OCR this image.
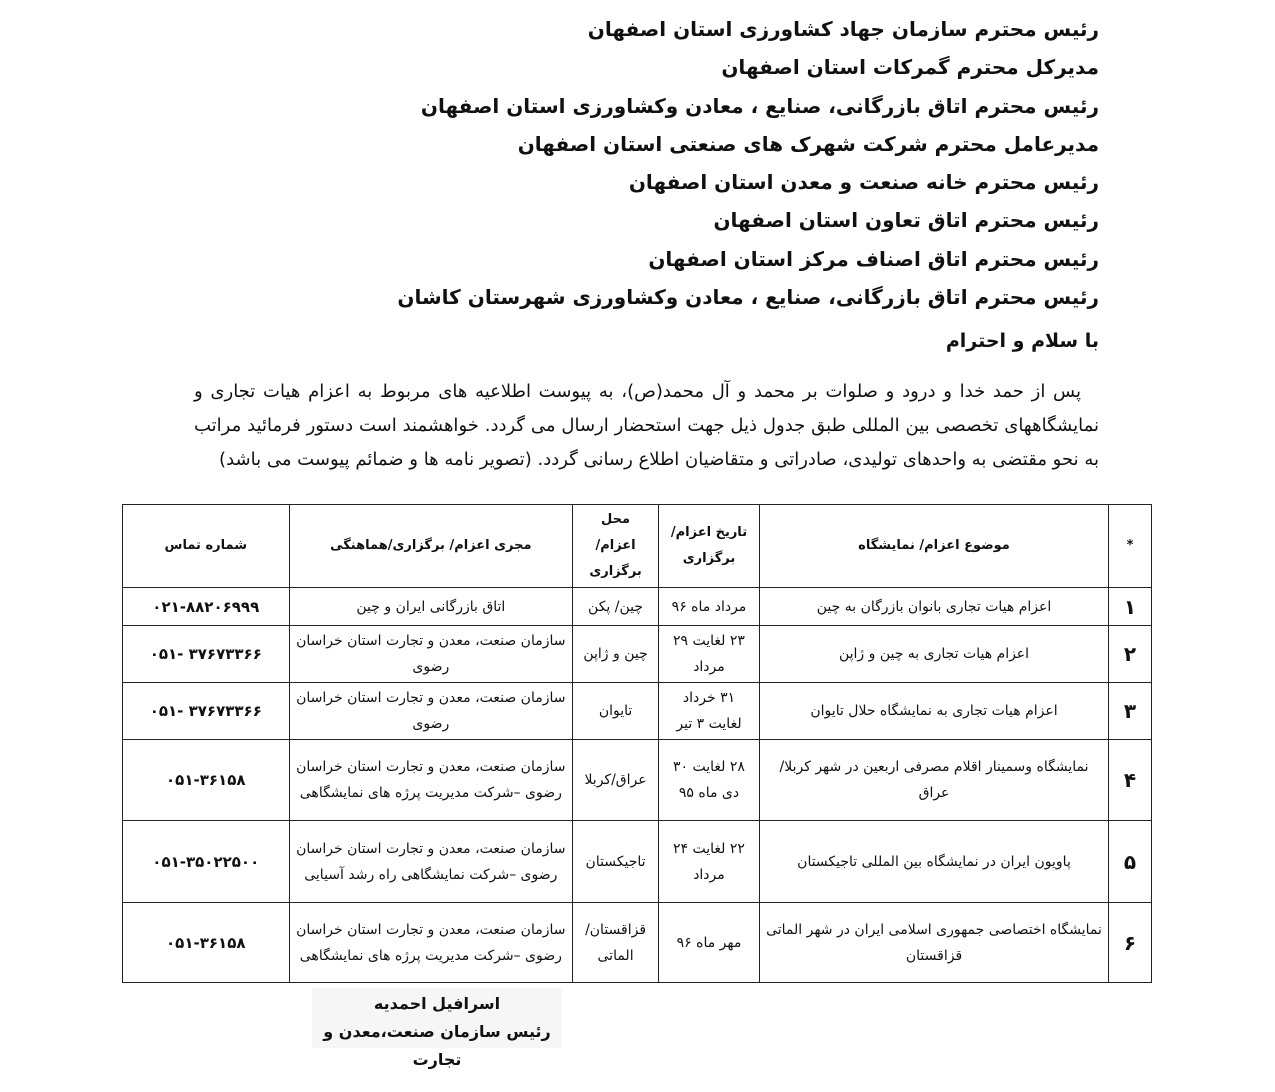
رئیس محترم سازمان جهاد کشاورزی استان اصفهان
مدیرکل محترم گمرکات استان اصفهان
رئیس محترم اتاق بازرگانی، صنایع ، معادن وکشاورزی استان اصفهان
مدیرعامل محترم شرکت شهرک های صنعتی استان اصفهان
رئیس محترم خانه صنعت و معدن استان اصفهان
رئیس محترم اتاق تعاون استان اصفهان
رئیس محترم اتاق اصناف مرکز استان اصفهان
رئیس محترم اتاق بازرگانی، صنایع ، معادن وکشاورزی شهرستان کاشان
با سلام و احترام

پس از حمد خدا و درود و صلوات بر محمد و آل محمد(ص)، به پیوست اطلاعیه های مربوط به اعزام هیات تجاری و نمایشگاههای تخصصی بین المللی طبق جدول ذیل جهت استحضار ارسال می گردد. خواهشمند است دستور فرمائید مراتب به نحو مقتضی به واحدهای تولیدی، صادراتی و متقاضیان اطلاع رسانی گردد. (تصویر نامه ها و ضمائم پیوست می باشد)

*	موضوع اعزام/ نمایشگاه	تاریخ اعزام/ برگزاری	محل اعزام/ برگزاری	مجری اعزام/ برگزاری/هماهنگی	شماره تماس
۱	اعزام هیات تجاری بانوان بازرگان به چین	مرداد ماه ۹۶	چین/ پکن	اتاق بازرگانی ایران و چین	۰۲۱-۸۸۲۰۶۹۹۹
۲	اعزام هیات تجاری به چین و ژاپن	۲۳ لغایت ۲۹ مرداد	چین و ژاپن	سازمان صنعت، معدن و تجارت استان خراسان رضوی	۰۵۱- ۳۷۶۷۳۳۶۶
۳	اعزام هیات تجاری به نمایشگاه حلال تایوان	۳۱ خرداد لغایت ۳ تیر	تایوان	سازمان صنعت، معدن و تجارت استان خراسان رضوی	۰۵۱- ۳۷۶۷۳۳۶۶
۴	نمایشگاه وسمینار اقلام مصرفی اربعین در شهر کربلا/عراق	۲۸ لغایت ۳۰ دی ماه ۹۵	عراق/کربلا	سازمان صنعت، معدن و تجارت استان خراسان رضوی –شرکت مدیریت پرژه های نمایشگاهی	۰۵۱-۳۶۱۵۸
۵	پاویون ایران در نمایشگاه بین المللی تاجیکستان	۲۲ لغایت ۲۴ مرداد	تاجیکستان	سازمان صنعت، معدن و تجارت استان خراسان رضوی –شرکت نمایشگاهی راه رشد آسیایی	۰۵۱-۳۵۰۲۲۵۰۰
۶	نمایشگاه اختصاصی جمهوری اسلامی ایران در شهر الماتی قزاقستان	مهر ماه ۹۶	قزاقستان/ الماتی	سازمان صنعت، معدن و تجارت استان خراسان رضوی –شرکت مدیریت پرژه های نمایشگاهی	۰۵۱-۳۶۱۵۸
اسرافیل احمدیه
رئیس سازمان صنعت،معدن و تجارت
